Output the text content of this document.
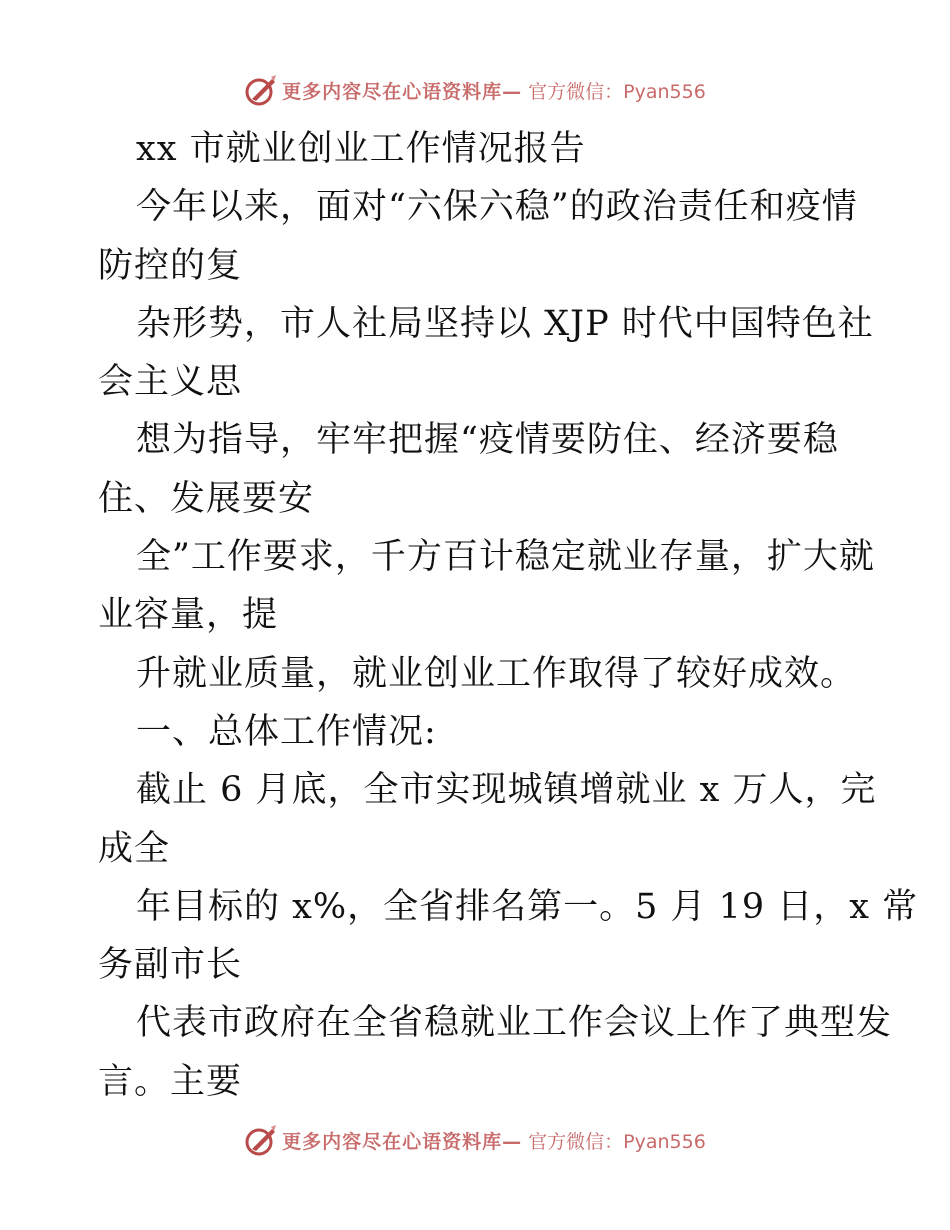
更多内容尽在心语资料库— 官方微信：Pyan556
xx 市就业创业工作情况报告
今年以来，面对“六保六稳”的政治责任和疫情
防控的复
杂形势，市人社局坚持以 XJP 时代中国特色社
会主义思
想为指导，牢牢把握“疫情要防住、经济要稳
住、发展要安
全”工作要求，千方百计稳定就业存量，扩大就
业容量，提
升就业质量，就业创业工作取得了较好成效。
一、总体工作情况:
截止 6 月底，全市实现城镇增就业 x 万人，完
成全
年目标的 x%，全省排名第一。5 月 19 日，x 常
务副市长
代表市政府在全省稳就业工作会议上作了典型发
言。主要
更多内容尽在心语资料库— 官方微信：Pyan556
